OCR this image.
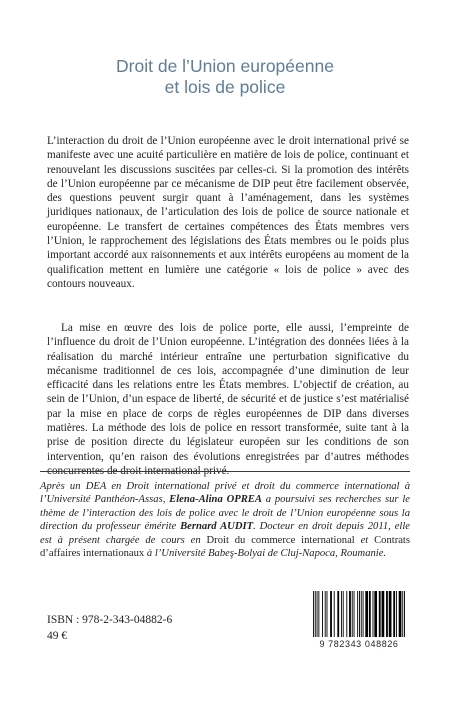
Droit de l’Union européenne
et lois de police

L’interaction du droit de l’Union européenne avec le droit international privé se manifeste avec une acuité particulière en matière de lois de police, continuant et renouvelant les discussions suscitées par celles-ci. Si la promotion des intérêts de l’Union européenne par ce mécanisme de DIP peut être facilement observée, des questions peuvent surgir quant à l’aménagement, dans les systèmes juridiques nationaux, de l’articulation des lois de police de source nationale et européenne. Le transfert de certaines compétences des États membres vers l’Union, le rapprochement des législations des États membres ou le poids plus important accordé aux raisonnements et aux intérêts européens au moment de la qualification mettent en lumière une catégorie « lois de police » avec des contours nouveaux.

La mise en œuvre des lois de police porte, elle aussi, l’empreinte de l’influence du droit de l’Union européenne. L’intégration des données liées à la réalisation du marché intérieur entraîne une perturbation significative du mécanisme traditionnel de ces lois, accompagnée d’une diminution de leur efficacité dans les relations entre les États membres. L’objectif de création, au sein de l’Union, d’un espace de liberté, de sécurité et de justice s’est matérialisé par la mise en place de corps de règles européennes de DIP dans diverses matières. La méthode des lois de police en ressort transformée, suite tant à la prise de position directe du législateur européen sur les conditions de son intervention, qu’en raison des évolutions enregistrées par d’autres méthodes concurrentes de droit international privé.

Après un DEA en Droit international privé et droit du commerce international à l’Université Panthéon-Assas, Elena-Alina OPREA a poursuivi ses recherches sur le thème de l’interaction des lois de police avec le droit de l’Union européenne sous la direction du professeur émérite Bernard AUDIT. Docteur en droit depuis 2011, elle est à présent chargée de cours en Droit du commerce international et Contrats d’affaires internationaux à l’Université Babeş-Bolyai de Cluj-Napoca, Roumanie.

ISBN : 978-2-343-04882-6
49 €
9 782343 048826
